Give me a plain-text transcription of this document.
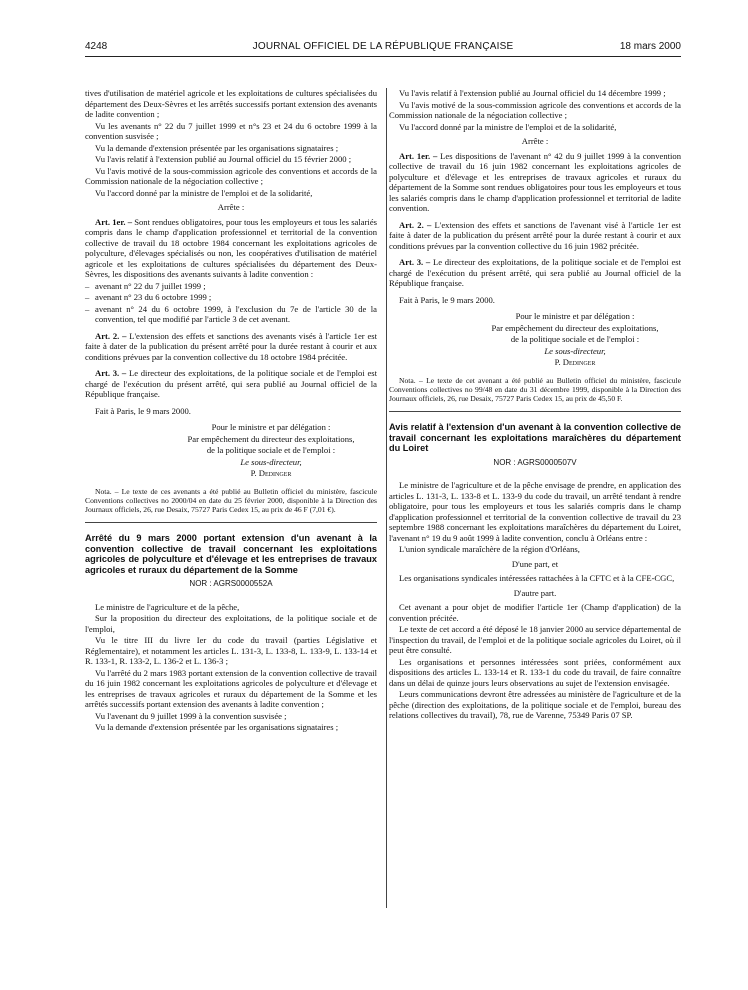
4248	JOURNAL OFFICIEL DE LA RÉPUBLIQUE FRANÇAISE	18 mars 2000

tives d'utilisation de matériel agricole et les exploitations de cultures spécialisées du département des Deux-Sèvres et les arrêtés successifs portant extension des avenants de ladite convention ;

Vu les avenants n° 22 du 7 juillet 1999 et n°s 23 et 24 du 6 octobre 1999 à la convention susvisée ;

Vu la demande d'extension présentée par les organisations signataires ;

Vu l'avis relatif à l'extension publié au Journal officiel du 15 février 2000 ;

Vu l'avis motivé de la sous-commission agricole des conventions et accords de la Commission nationale de la négociation collective ;

Vu l'accord donné par la ministre de l'emploi et de la solidarité,

Arrête :

Art. 1er. – Sont rendues obligatoires, pour tous les employeurs et tous les salariés compris dans le champ d'application professionnel et territorial de la convention collective de travail du 18 octobre 1984 concernant les exploitations agricoles de polyculture, d'élevages spécialisés ou non, les coopératives d'utilisation de matériel agricole et les exploitations de cultures spécialisées du département des Deux-Sèvres, les dispositions des avenants suivants à ladite convention :

– avenant n° 22 du 7 juillet 1999 ;

– avenant n° 23 du 6 octobre 1999 ;

– avenant n° 24 du 6 octobre 1999, à l'exclusion du 7e de l'article 30 de la convention, tel que modifié par l'article 3 de cet avenant.

Art. 2. – L'extension des effets et sanctions des avenants visés à l'article 1er est faite à dater de la publication du présent arrêté pour la durée restant à courir et aux conditions prévues par la convention collective du 18 octobre 1984 précitée.

Art. 3. – Le directeur des exploitations, de la politique sociale et de l'emploi est chargé de l'exécution du présent arrêté, qui sera publié au Journal officiel de la République française.

Fait à Paris, le 9 mars 2000.

Pour le ministre et par délégation :

Par empêchement du directeur des exploitations,

de la politique sociale et de l'emploi :

Le sous-directeur,

P. Dedinger

Nota. – Le texte de ces avenants a été publié au Bulletin officiel du ministère, fascicule Conventions collectives no 2000/04 en date du 25 février 2000, disponible à la Direction des Journaux officiels, 26, rue Desaix, 75727 Paris Cedex 15, au prix de 46 F (7,01 €).

Arrêté du 9 mars 2000 portant extension d'un avenant à la convention collective de travail concernant les exploitations agricoles de polyculture et d'élevage et les entreprises de travaux agricoles et ruraux du département de la Somme
NOR : AGRS0000552A

Le ministre de l'agriculture et de la pêche,

Sur la proposition du directeur des exploitations, de la politique sociale et de l'emploi,

Vu le titre III du livre Ier du code du travail (parties Législative et Réglementaire), et notamment les articles L. 131-3, L. 133-8, L. 133-9, L. 133-14 et R. 133-1, R. 133-2, L. 136-2 et L. 136-3 ;

Vu l'arrêté du 2 mars 1983 portant extension de la convention collective de travail du 16 juin 1982 concernant les exploitations agricoles de polyculture et d'élevage et les entreprises de travaux agricoles et ruraux du département de la Somme et les arrêtés successifs portant extension des avenants à ladite convention ;

Vu l'avenant du 9 juillet 1999 à la convention susvisée ;

Vu la demande d'extension présentée par les organisations signataires ;

Vu l'avis relatif à l'extension publié au Journal officiel du 14 décembre 1999 ;

Vu l'avis motivé de la sous-commission agricole des conventions et accords de la Commission nationale de la négociation collective ;

Vu l'accord donné par la ministre de l'emploi et de la solidarité,

Arrête :

Art. 1er. – Les dispositions de l'avenant n° 42 du 9 juillet 1999 à la convention collective de travail du 16 juin 1982 concernant les exploitations agricoles de polyculture et d'élevage et les entreprises de travaux agricoles et ruraux du département de la Somme sont rendues obligatoires pour tous les employeurs et tous les salariés compris dans le champ d'application professionnel et territorial de ladite convention.

Art. 2. – L'extension des effets et sanctions de l'avenant visé à l'article 1er est faite à dater de la publication du présent arrêté pour la durée restant à courir et aux conditions prévues par la convention collective du 16 juin 1982 précitée.

Art. 3. – Le directeur des exploitations, de la politique sociale et de l'emploi est chargé de l'exécution du présent arrêté, qui sera publié au Journal officiel de la République française.

Fait à Paris, le 9 mars 2000.

Pour le ministre et par délégation :

Par empêchement du directeur des exploitations,

de la politique sociale et de l'emploi :

Le sous-directeur,

P. Dedinger

Nota. – Le texte de cet avenant a été publié au Bulletin officiel du ministère, fascicule Conventions collectives no 99/48 en date du 31 décembre 1999, disponible à la Direction des Journaux officiels, 26, rue Desaix, 75727 Paris Cedex 15, au prix de 45,50 F.

Avis relatif à l'extension d'un avenant à la convention collective de travail concernant les exploitations maraîchères du département du Loiret
NOR : AGRS0000507V

Le ministre de l'agriculture et de la pêche envisage de prendre, en application des articles L. 131-3, L. 133-8 et L. 133-9 du code du travail, un arrêté tendant à rendre obligatoire, pour tous les employeurs et tous les salariés compris dans le champ d'application professionnel et territorial de la convention collective de travail du 23 septembre 1988 concernant les exploitations maraîchères du département du Loiret, l'avenant n° 19 du 9 août 1999 à ladite convention, conclu à Orléans entre :

L'union syndicale maraîchère de la région d'Orléans,

D'une part, et

Les organisations syndicales intéressées rattachées à la CFTC et à la CFE-CGC,

D'autre part.

Cet avenant a pour objet de modifier l'article 1er (Champ d'application) de la convention précitée.

Le texte de cet accord a été déposé le 18 janvier 2000 au service départemental de l'inspection du travail, de l'emploi et de la politique sociale agricoles du Loiret, où il peut être consulté.

Les organisations et personnes intéressées sont priées, conformément aux dispositions des articles L. 133-14 et R. 133-1 du code du travail, de faire connaître dans un délai de quinze jours leurs observations au sujet de l'extension envisagée.

Leurs communications devront être adressées au ministère de l'agriculture et de la pêche (direction des exploitations, de la politique sociale et de l'emploi, bureau des relations collectives du travail), 78, rue de Varenne, 75349 Paris 07 SP.
